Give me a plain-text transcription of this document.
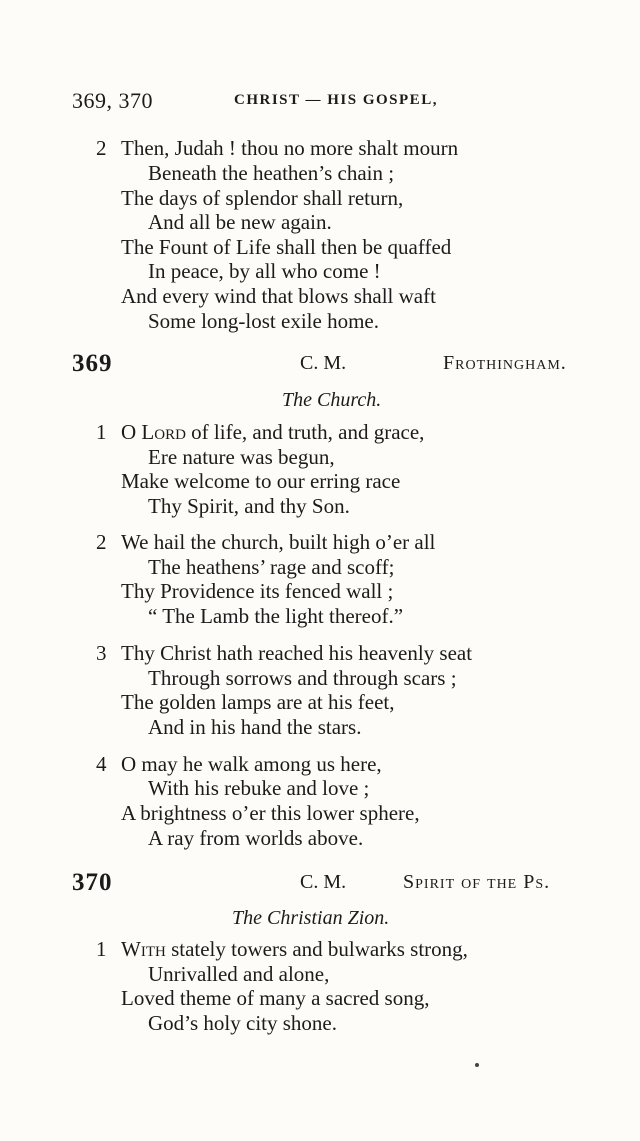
369, 370	CHRIST — HIS GOSPEL,
2 Then, Judah ! thou no more shalt mourn
Beneath the heathen’s chain ;
The days of splendor shall return,
And all be new again.
The Fount of Life shall then be quaffed
In peace, by all who come !
And every wind that blows shall waft
Some long-lost exile home.
369	C. M.	Frothingham.
The Church.
1 O Lord of life, and truth, and grace,
Ere nature was begun,
Make welcome to our erring race
Thy Spirit, and thy Son.
2 We hail the church, built high o’er all
The heathens’ rage and scoff;
Thy Providence its fenced wall ;
“ The Lamb the light thereof.”
3 Thy Christ hath reached his heavenly seat
Through sorrows and through scars ;
The golden lamps are at his feet,
And in his hand the stars.
4 O may he walk among us here,
With his rebuke and love ;
A brightness o’er this lower sphere,
A ray from worlds above.
370	C. M.	Spirit of the Ps.
The Christian Zion.
1 With stately towers and bulwarks strong,
Unrivalled and alone,
Loved theme of many a sacred song,
God’s holy city shone.
